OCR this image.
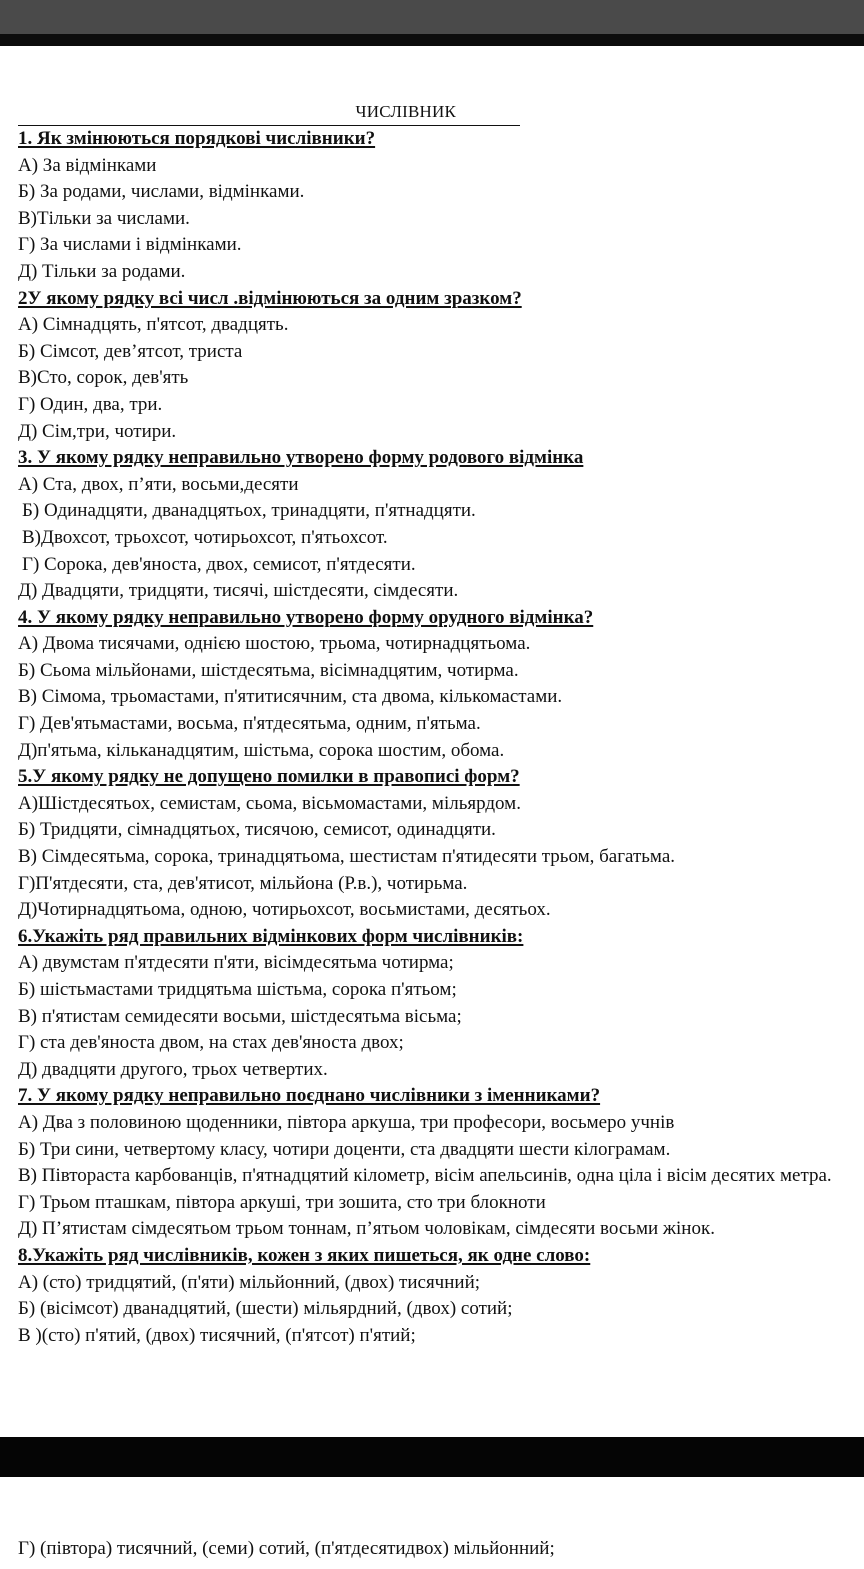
ЧИСЛІВНИК
1. Як змінюються порядкові числівники?
А) За відмінками
Б) За родами, числами, відмінками.
В)Тільки за числами.
Г) За числами і відмінками.
Д) Тільки за родами.
2У якому рядку всі числ .відмінюються за одним зразком?
А) Сімнадцять, п'ятсот, двадцять.
Б) Сімсот, дев’ятсот, триста
В)Сто, сорок, дев'ять
Г) Один, два, три.
Д) Сім,три, чотири.
3. У якому рядку неправильно утворено форму родового відмінка
А) Ста, двох, п’яти, восьми,десяти
Б) Одинадцяти, дванадцятьох, тринадцяти, п'ятнадцяти.
В)Двохсот, трьохсот, чотирьохсот, п'ятьохсот.
Г) Сорока, дев'яноста, двох, семисот, п'ятдесяти.
Д) Двадцяти, тридцяти, тисячі, шістдесяти, сімдесяти.
4. У якому рядку неправильно утворено форму орудного відмінка?
А) Двома тисячами, однією шостою, трьома, чотирнадцятьома.
Б) Сьома мільйонами, шістдесятьма, вісімнадцятим, чотирма.
В) Сімома, трьомастами, п'ятитисячним, ста двома, кількомастами.
Г) Дев'ятьмастами, восьма, п'ятдесятьма, одним, п'ятьма.
Д)п'ятьма, кільканадцятим, шістьма, сорока шостим, обома.
5.У якому рядку не допущено помилки в правописі форм?
А)Шістдесятьох, семистам, сьома, вісьмомастами, мільярдом.
Б) Тридцяти, сімнадцятьох, тисячою, семисот, одинадцяти.
В) Сімдесятьма, сорока, тринадцятьома, шестистам п'ятидесяти трьом, багатьма.
Г)П'ятдесяти, ста, дев'ятисот, мільйона (Р.в.), чотирьма.
Д)Чотирнадцятьома, одною, чотирьохсот, восьмистами, десятьох.
6.Укажіть ряд правильних відмінкових форм числівників:
А) двумстам п'ятдесяти п'яти, вісімдесятьма чотирма;
Б) шістьмастами тридцятьма шістьма, сорока п'ятьом;
В) п'ятистам семидесяти восьми, шістдесятьма вісьма;
Г) ста дев'яноста двом, на стах дев'яноста двох;
Д) двадцяти другого, трьох четвертих.
7. У якому рядку неправильно поєднано числівники з іменниками?
А) Два з половиною щоденники, півтора аркуша, три професори, восьмеро учнів
Б) Три сини, четвертому класу, чотири доценти, ста двадцяти шести кілограмам.
В) Півтораста карбованців, п'ятнадцятий кілометр, вісім апельсинів, одна ціла і вісім десятих метра.
Г) Трьом пташкам, півтора аркуші, три зошита, сто три блокноти
Д) П’ятистам сімдесятьом трьом тоннам, п’ятьом чоловікам, сімдесяти восьми жінок.
8.Укажіть ряд числівників, кожен з яких пишеться, як одне слово:
А) (сто) тридцятий, (п'яти) мільйонний, (двох) тисячний;
Б) (вісімсот) дванадцятий, (шести) мільярдний, (двох) сотий;
В )(сто) п'ятий, (двох) тисячний, (п'ятсот) п'ятий;
Г) (півтора) тисячний, (семи) сотий, (п'ятдесятидвох) мільйонний;
